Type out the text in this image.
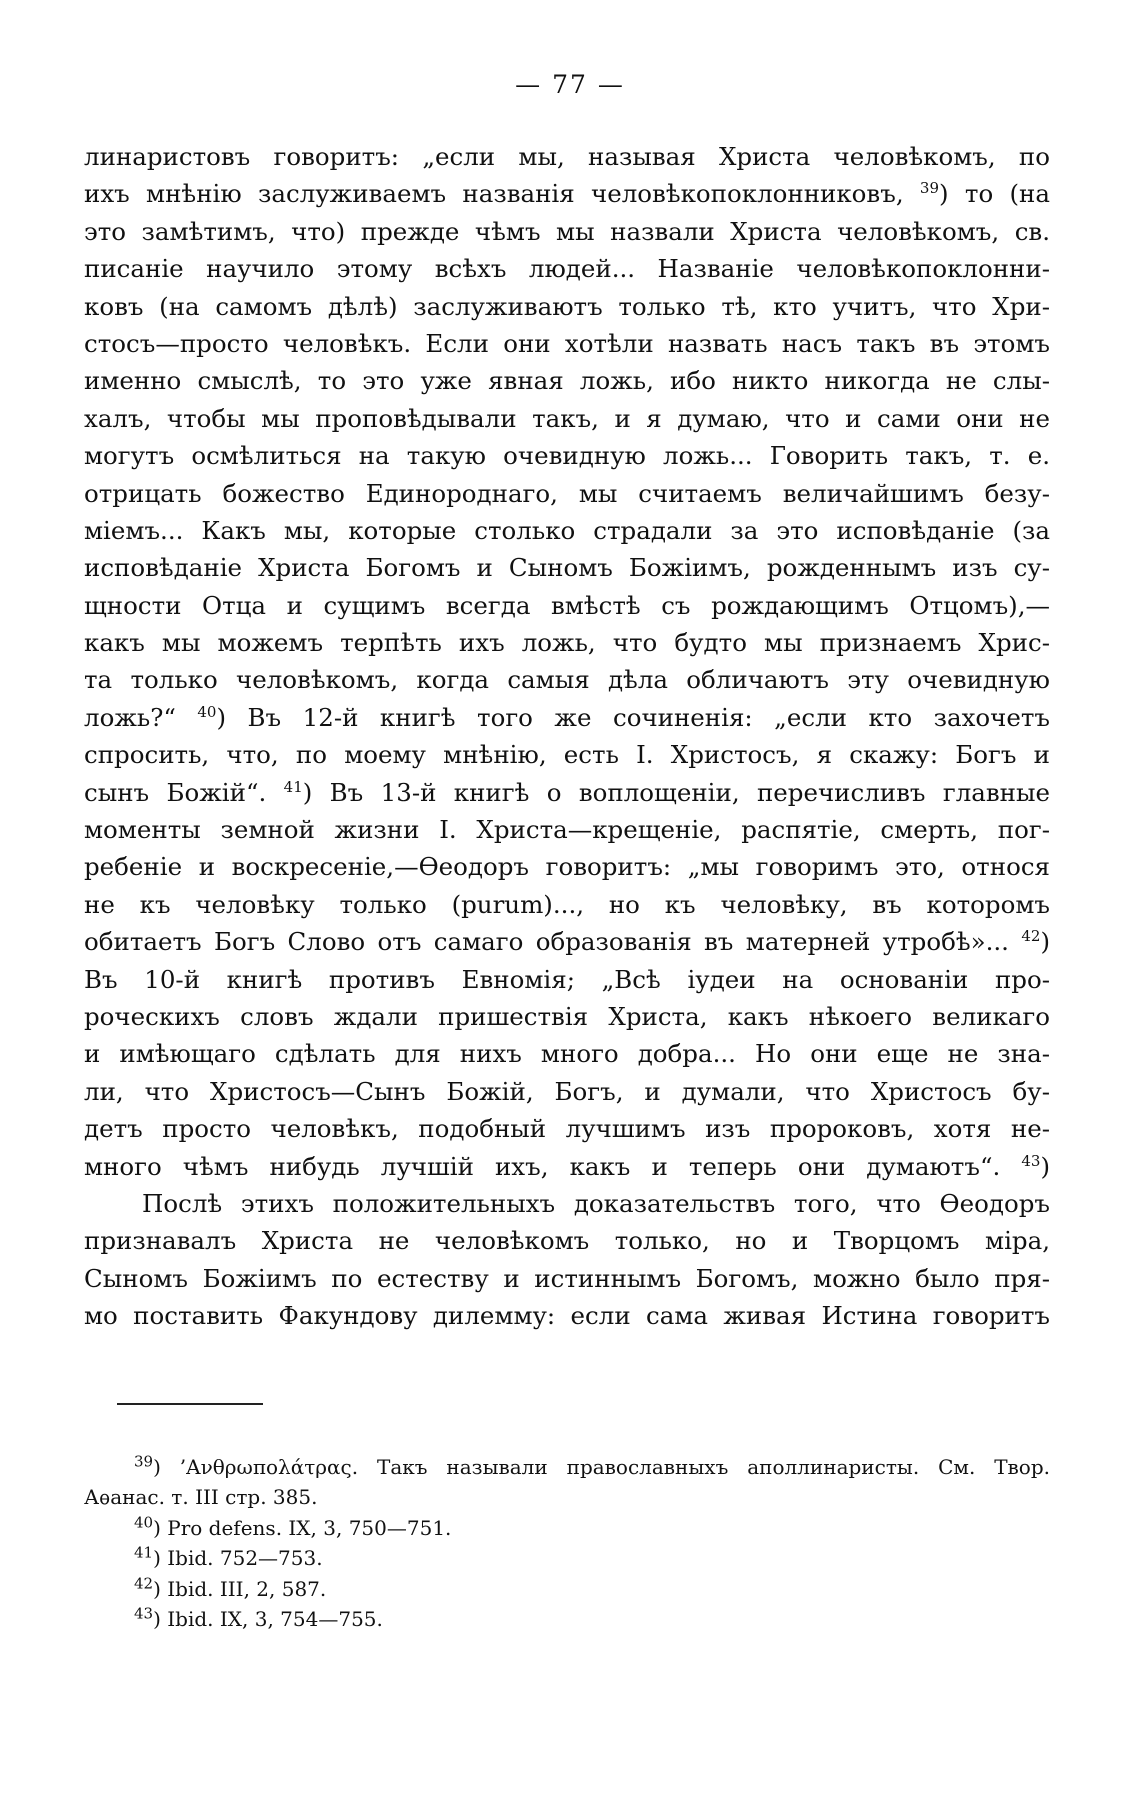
— 77 —
линаристовъ говоритъ: „если мы, называя Христа человѣкомъ, по
ихъ мнѣнію заслуживаемъ названія человѣкопоклонниковъ, $^{39}$) то (на
это замѣтимъ, что) прежде чѣмъ мы назвали Христа человѣкомъ, св.
писаніе научило этому всѣхъ людей... Названіе человѣкопоклонни-
ковъ (на самомъ дѣлѣ) заслуживаютъ только тѣ, кто учитъ, что Хри-
стосъ—просто человѣкъ. Если они хотѣли назвать насъ такъ въ этомъ
именно смыслѣ, то это уже явная ложь, ибо никто никогда не слы-
халъ, чтобы мы проповѣдывали такъ, и я думаю, что и сами они не
могутъ осмѣлиться на такую очевидную ложь... Говорить такъ, т. е.
отрицать божество Единороднаго, мы считаемъ величайшимъ безу-
міемъ... Какъ мы, которые столько страдали за это исповѣданіе (за
исповѣданіе Христа Богомъ и Сыномъ Божіимъ, рожденнымъ изъ су-
щности Отца и сущимъ всегда вмѣстѣ съ рождающимъ Отцомъ),—
какъ мы можемъ терпѣть ихъ ложь, что будто мы признаемъ Хрис-
та только человѣкомъ, когда самыя дѣла обличаютъ эту очевидную
ложь?“ $^{40}$) Въ 12-й книгѣ того же сочиненія: „если кто захочетъ
спросить, что, по моему мнѣнію, есть І. Христосъ, я скажу: Богъ и
сынъ Божій“. $^{41}$) Въ 13-й книгѣ о воплощеніи, перечисливъ главные
моменты земной жизни І. Христа—крещеніе, распятіе, смерть, пог-
ребеніе и воскресеніе,—Ѳеодоръ говоритъ: „мы говоримъ это, относя
не къ человѣку только (purum)..., но къ человѣку, въ которомъ
обитаетъ Богъ Слово отъ самаго образованія въ матерней утробѣ»... $^{42}$)
Въ 10-й книгѣ противъ Евномія; „Всѣ іудеи на основаніи про-
роческихъ словъ ждали пришествія Христа, какъ нѣкоего великаго
и имѣющаго сдѣлать для нихъ много добра... Но они еще не зна-
ли, что Христосъ—Сынъ Божій, Богъ, и думали, что Христосъ бу-
детъ просто человѣкъ, подобный лучшимъ изъ пророковъ, хотя не-
много чѣмъ нибудь лучшій ихъ, какъ и теперь они думаютъ“. $^{43}$)
Послѣ этихъ положительныхъ доказательствъ того, что Ѳеодоръ
признавалъ Христа не человѣкомъ только, но и Творцомъ міра,
Сыномъ Божіимъ по естеству и истиннымъ Богомъ, можно было пря-
мо поставить Факундову дилемму: если сама живая Истина говоритъ
$^{39}$) ’Ανθρωπολάτρας. Такъ называли православныхъ аполлинаристы. См. Твор.
Аѳанас. т. III стр. 385.
$^{40}$) Pro defens. IX, 3, 750—751.
$^{41}$) Ibid. 752—753.
$^{42}$) Ibid. III, 2, 587.
$^{43}$) Ibid. IX, 3, 754—755.
